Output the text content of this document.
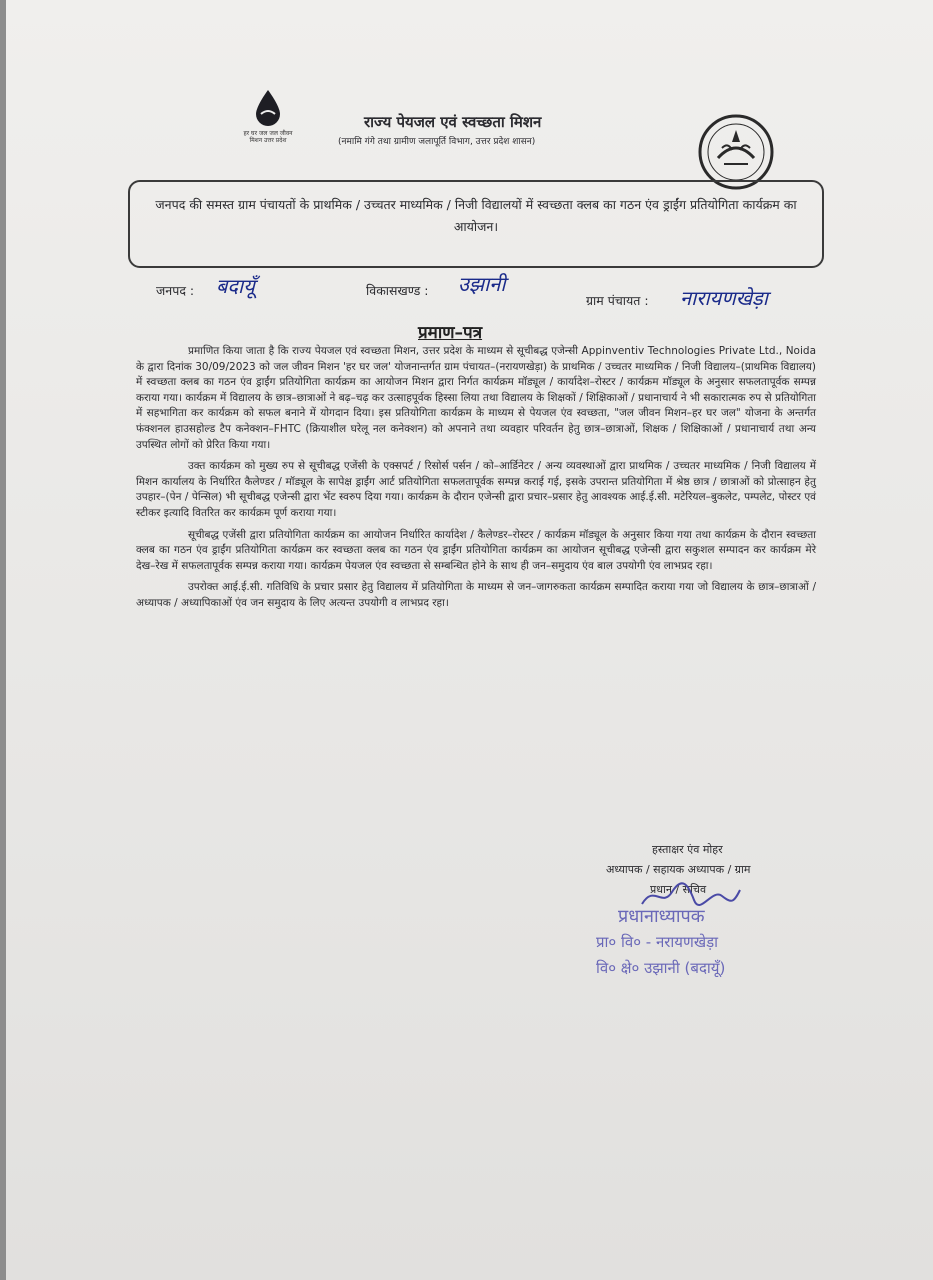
हर घर जल जल जीवन मिशन उत्तर प्रदेश
राज्य पेयजल एवं स्वच्छता मिशन
(नमामि गंगे तथा ग्रामीण जलापूर्ति विभाग, उत्तर प्रदेश शासन)
जनपद की समस्त ग्राम पंचायतों के प्राथमिक / उच्चतर माध्यमिक / निजी विद्यालयों में स्वच्छता क्लब का गठन एंव ड्राईंग प्रतियोगिता कार्यक्रम का आयोजन।
जनपद : बदायूँ	विकासखण्ड : उझानी
ग्राम पंचायत : नारायणखेड़ा
प्रमाण–पत्र

प्रमाणित किया जाता है कि राज्य पेयजल एवं स्वच्छता मिशन, उत्तर प्रदेश के माध्यम से सूचीबद्ध एजेन्सी Appinventiv Technologies Private Ltd., Noida के द्वारा दिनांक 30/09/2023 को जल जीवन मिशन 'हर घर जल' योजनान्तर्गत ग्राम पंचायत–(नरायणखेड़ा) के प्राथमिक / उच्चतर माध्यमिक / निजी विद्यालय–(प्राथमिक विद्यालय) में स्वच्छता क्लब का गठन एंव ड्राईंग प्रतियोगिता कार्यक्रम का आयोजन मिशन द्वारा निर्गत कार्यक्रम मॉड्यूल / कार्यादेश–रोस्टर / कार्यक्रम मॉड्यूल के अनुसार सफलतापूर्वक सम्पन्न कराया गया। कार्यक्रम में विद्यालय के छात्र–छात्राओं ने बढ़–चढ़ कर उत्साहपूर्वक हिस्सा लिया तथा विद्यालय के शिक्षकों / शिक्षिकाओं / प्रधानाचार्य ने भी सकारात्मक रुप से प्रतियोगिता में सहभागिता कर कार्यक्रम को सफल बनाने में योगदान दिया। इस प्रतियोगिता कार्यक्रम के माध्यम से पेयजल एंव स्वच्छता, "जल जीवन मिशन–हर घर जल" योजना के अन्तर्गत फंक्शनल हाउसहोल्ड टैप कनेक्शन–FHTC (क्रियाशील घरेलू नल कनेक्शन) को अपनाने तथा व्यवहार परिवर्तन हेतु छात्र–छात्राओं, शिक्षक / शिक्षिकाओं / प्रधानाचार्य तथा अन्य उपस्थित लोगों को प्रेरित किया गया।

उक्त कार्यक्रम को मुख्य रुप से सूचीबद्ध एजेंसी के एक्सपर्ट / रिसोर्स पर्सन / को–आर्डिनेटर / अन्य व्यवस्थाओं द्वारा प्राथमिक / उच्चतर माध्यमिक / निजी विद्यालय में मिशन कार्यालय के निर्धारित कैलेण्डर / मॉड्यूल के सापेक्ष ड्राईंग आर्ट प्रतियोगिता सफलतापूर्वक सम्पन्न कराई गई, इसके उपरान्त प्रतियोगिता में श्रेष्ठ छात्र / छात्राओं को प्रोत्साहन हेतु उपहार–(पेन / पेन्सिल) भी सूचीबद्ध एजेन्सी द्वारा भेंट स्वरुप दिया गया। कार्यक्रम के दौरान एजेन्सी द्वारा प्रचार–प्रसार हेतु आवश्यक आई.ई.सी. मटेरियल–बुकलेट, पम्पलेट, पोस्टर एवं स्टीकर इत्यादि वितरित कर कार्यक्रम पूर्ण कराया गया।

सूचीबद्ध एजेंसी द्वारा प्रतियोगिता कार्यक्रम का आयोजन निर्धारित कार्यादेश / कैलेण्डर–रोस्टर / कार्यक्रम मॉड्यूल के अनुसार किया गया तथा कार्यक्रम के दौरान स्वच्छता क्लब का गठन एंव ड्राईंग प्रतियोगिता कार्यक्रम कर स्वच्छता क्लब का गठन एंव ड्राईंग प्रतियोगिता कार्यक्रम का आयोजन सूचीबद्ध एजेन्सी द्वारा सकुशल सम्पादन कर कार्यक्रम मेरे देख–रेख में सफलतापूर्वक सम्पन्न कराया गया। कार्यक्रम पेयजल एंव स्वच्छता से सम्बन्धित होने के साथ ही जन–समुदाय एंव बाल उपयोगी एंव लाभप्रद रहा।

उपरोक्त आई.ई.सी. गतिविधि के प्रचार प्रसार हेतु विद्यालय में प्रतियोगिता के माध्यम से जन–जागरुकता कार्यक्रम सम्पादित कराया गया जो विद्यालय के छात्र–छात्राओं / अध्यापक / अध्यापिकाओं एंव जन समुदाय के लिए अत्यन्त उपयोगी व लाभप्रद रहा।

हस्ताक्षर एंव मोहर
अध्यापक / सहायक अध्यापक / ग्राम
प्रधान / सचिव
प्रधानाध्यापक
प्रा० वि० - नरायणखेड़ा
वि० क्षे० उझानी (बदायूँ)
